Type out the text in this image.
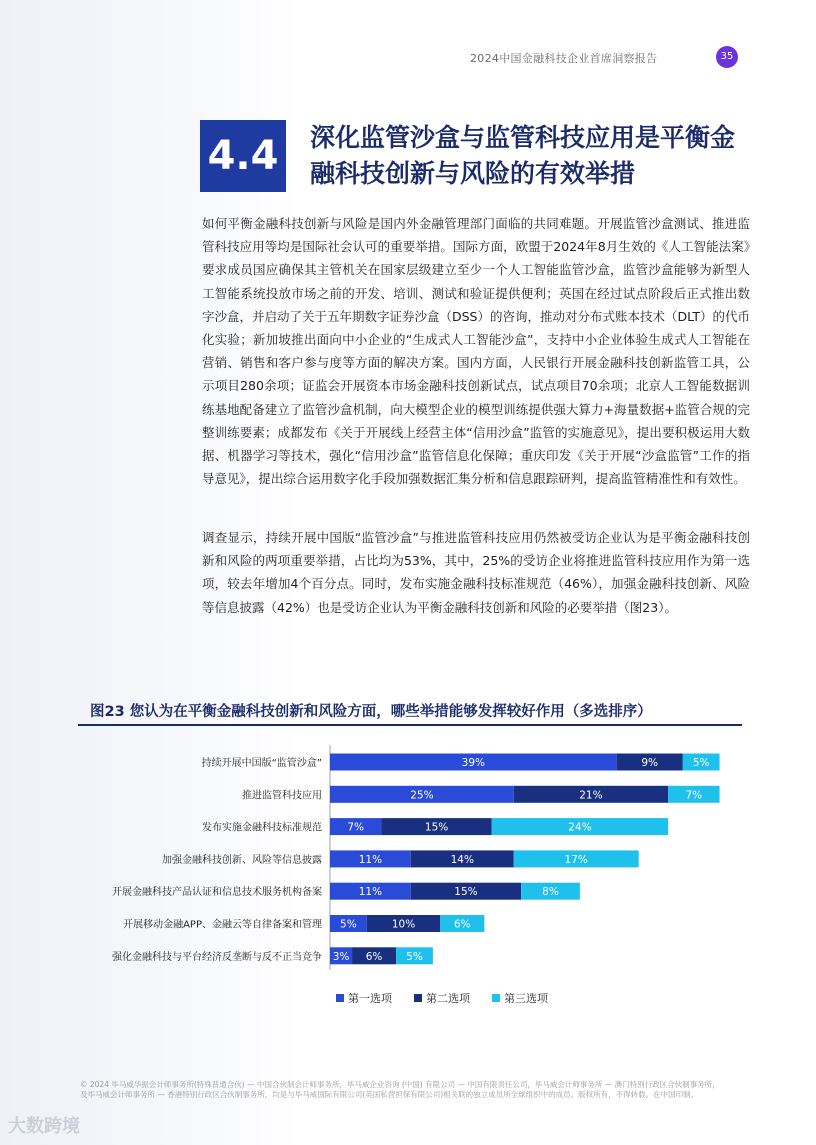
2024中国金融科技企业首席洞察报告	35
4.4	深化监管沙盒与监管科技应用是平衡金融科技创新与风险的有效举措
如何平衡金融科技创新与风险是国内外金融管理部门面临的共同难题。开展监管沙盒测试、推进监管科技应用等均是国际社会认可的重要举措。国际方面，欧盟于2024年8月生效的《人工智能法案》要求成员国应确保其主管机关在国家层级建立至少一个人工智能监管沙盒，监管沙盒能够为新型人工智能系统投放市场之前的开发、培训、测试和验证提供便利；英国在经过试点阶段后正式推出数字沙盒，并启动了关于五年期数字证券沙盒（DSS）的咨询，推动对分布式账本技术（DLT）的代币化实验；新加坡推出面向中小企业的“生成式人工智能沙盒”，支持中小企业体验生成式人工智能在营销、销售和客户参与度等方面的解决方案。国内方面，人民银行开展金融科技创新监管工具，公示项目280余项；证监会开展资本市场金融科技创新试点，试点项目70余项；北京人工智能数据训练基地配备建立了监管沙盒机制，向大模型企业的模型训练提供强大算力+海量数据+监管合规的完整训练要素；成都发布《关于开展线上经营主体“信用沙盒”监管的实施意见》，提出要积极运用大数据、机器学习等技术，强化“信用沙盒”监管信息化保障；重庆印发《关于开展“沙盒监管”工作的指导意见》，提出综合运用数字化手段加强数据汇集分析和信息跟踪研判，提高监管精准性和有效性。
调查显示，持续开展中国版“监管沙盒”与推进监管科技应用仍然被受访企业认为是平衡金融科技创新和风险的两项重要举措，占比均为53%，其中，25%的受访企业将推进监管科技应用作为第一选项，较去年增加4个百分点。同时，发布实施金融科技标准规范（46%），加强金融科技创新、风险等信息披露（42%）也是受访企业认为平衡金融科技创新和风险的必要举措（图23）。
图23 您认为在平衡金融科技创新和风险方面，哪些举措能够发挥较好作用（多选排序）
持续开展中国版“监管沙盒”	39%	9%	5%
推进监管科技应用	25%	21%	7%
发布实施金融科技标准规范 7%	15%	24%
加强金融科技创新、风险等信息披露	11%	14%	17%
开展金融科技产品认证和信息技术服务机构备案	11%	15%	8%
开展移动金融APP、金融云等自律备案和管理 5%	10%	6%
强化金融科技与平台经济反垄断与反不正当竞争 3% 6% 5%
第一选项	第二选项	第三选项
© 2024 毕马威华振会计师事务所(特殊普通合伙) — 中国合伙制会计师事务所，毕马威企业咨询 (中国) 有限公司 — 中国有限责任公司，毕马威会计师事务所 — 澳门特别行政区合伙制事务所，及毕马威会计师事务所 — 香港特别行政区合伙制事务所，均是与毕马威国际有限公司(英国私营担保有限公司)相关联的独立成员所全球组织中的成员。版权所有，不得转载。在中国印制。
大数跨境
